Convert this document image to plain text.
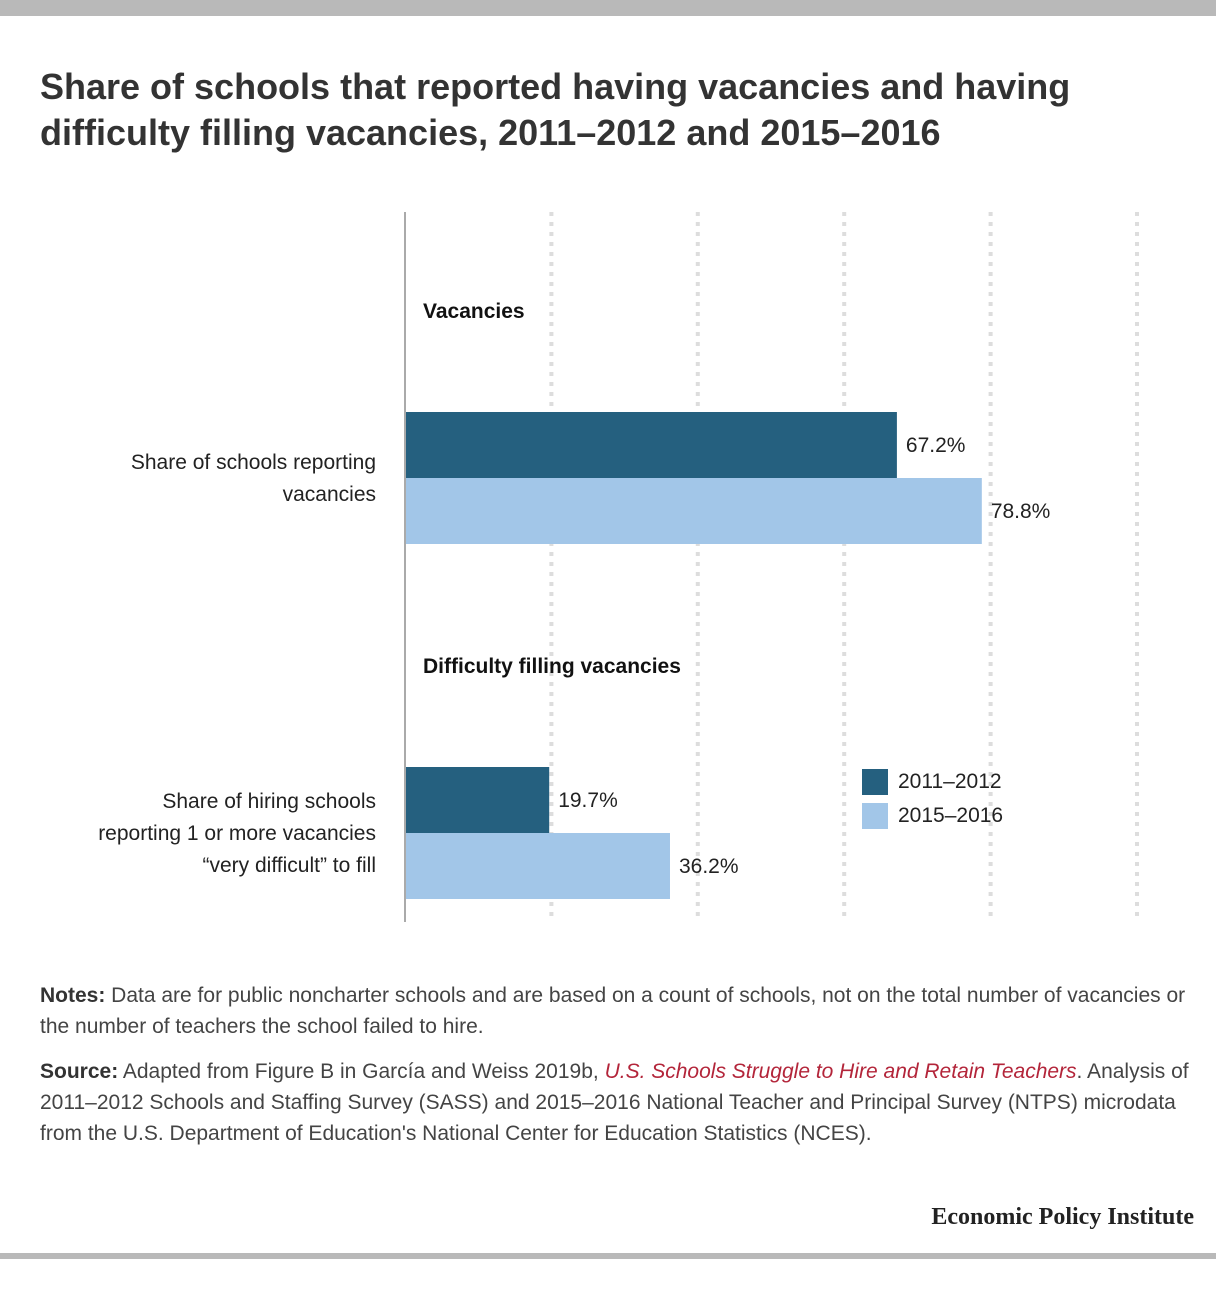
Share of schools that reported having vacancies and having difficulty filling vacancies, 2011–2012 and 2015–2016
Vacancies
67.2%
78.8%
Share of schools reporting
vacancies
Difficulty filling vacancies
19.7%
36.2%
Share of hiring schools
reporting 1 or more vacancies
“very difficult” to fill
2011–2012
2015–2016

Notes: Data are for public noncharter schools and are based on a count of schools, not on the total number of vacancies or the number of teachers the school failed to hire.

Source: Adapted from Figure B in García and Weiss 2019b, U.S. Schools Struggle to Hire and Retain Teachers. Analysis of 2011–2012 Schools and Staffing Survey (SASS) and 2015–2016 National Teacher and Principal Survey (NTPS) microdata from the U.S. Department of Education's National Center for Education Statistics (NCES).

Economic Policy Institute
